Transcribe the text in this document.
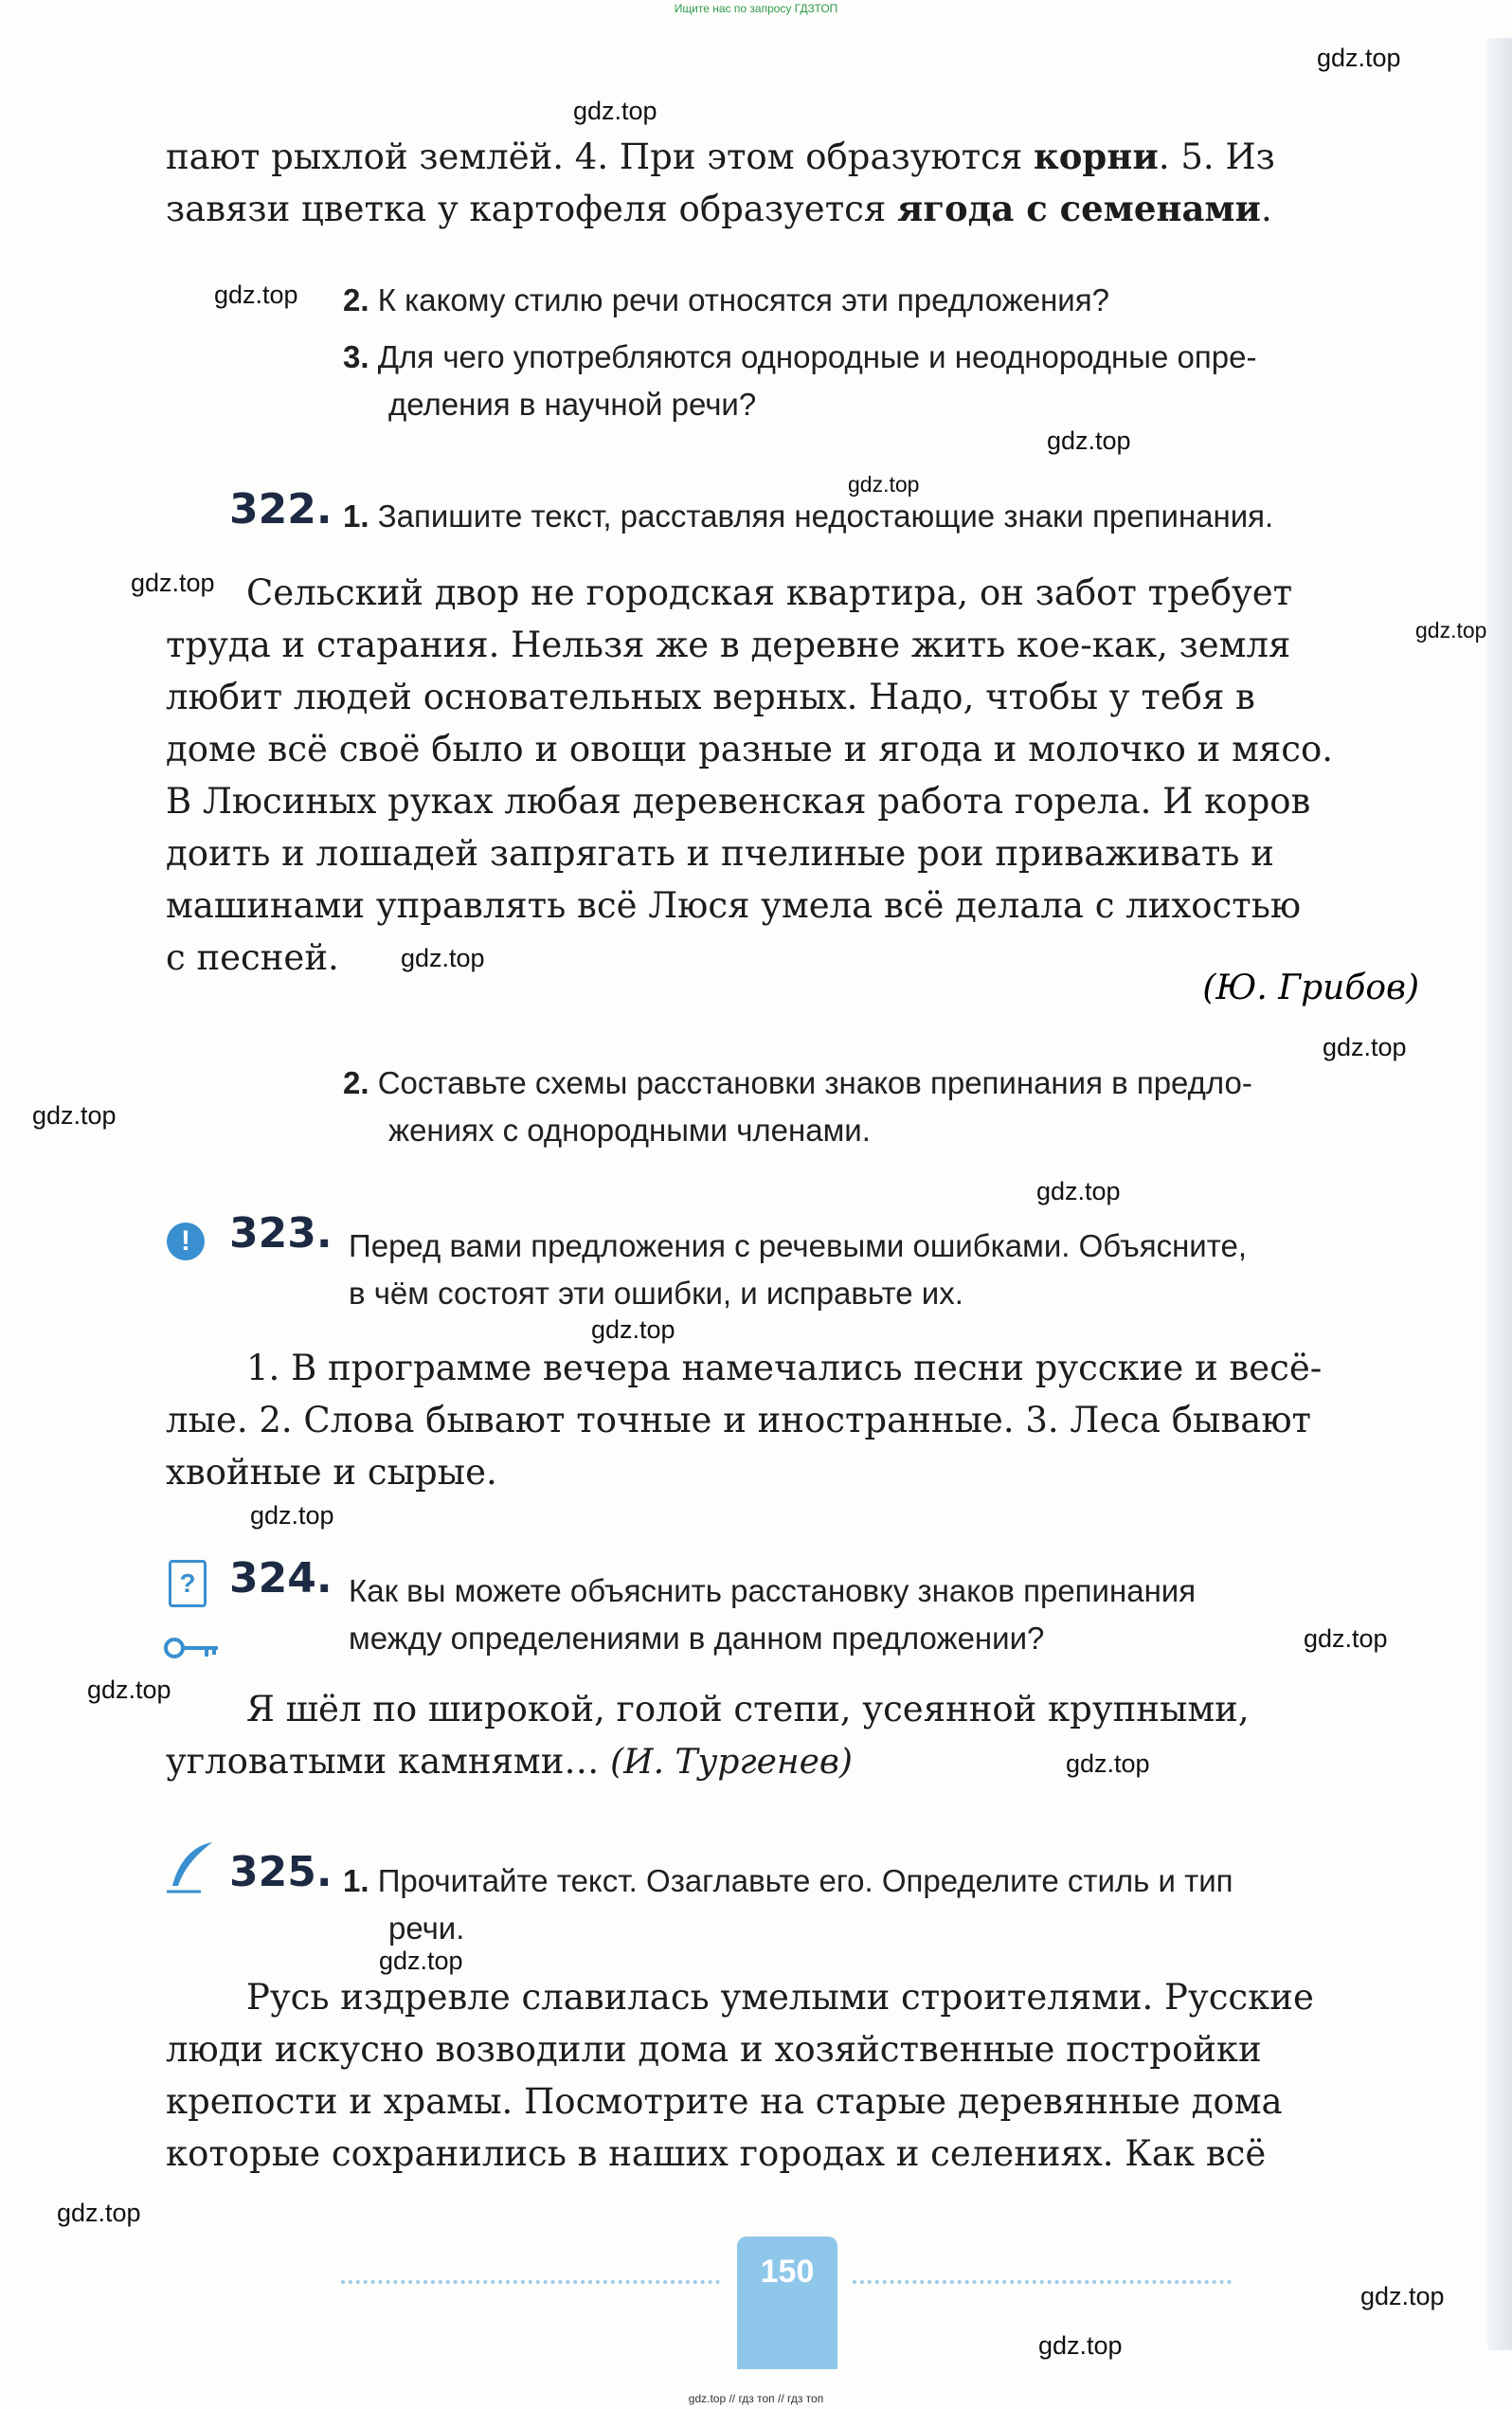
Ищите нас по запросу ГДЗТОП
пают рыхлой землёй. 4. При этом образуются корни. 5. Из
завязи цветка у картофеля образуется ягода с семенами.
2. К какому стилю речи относятся эти предложения?
3. Для чего употребляются однородные и неоднородные опре-
деления в научной речи?
322. 1. Запишите текст, расставляя недостающие знаки препинания.
Сельский двор не городская квартира, он забот требует
труда и старания. Нельзя же в деревне жить кое-как, земля
любит людей основательных верных. Надо, чтобы у тебя в
доме всё своё было и овощи разные и ягода и молочко и мясо.
В Люсиных руках любая деревенская работа горела. И коров
доить и лошадей запрягать и пчелиные рои приваживать и
машинами управлять всё Люся умела всё делала с лихостью
с песней.
(Ю. Грибов)
2. Составьте схемы расстановки знаков препинания в предло-
жениях с однородными членами.
! 323. Перед вами предложения с речевыми ошибками. Объясните,
в чём состоят эти ошибки, и исправьте их.
1. В программе вечера намечались песни русские и весё-
лые. 2. Слова бывают точные и иностранные. 3. Леса бывают
хвойные и сырые.
? 324. Как вы можете объяснить расстановку знаков препинания
между определениями в данном предложении?
Я шёл по широкой, голой степи, усеянной крупными,
угловатыми камнями… (И. Тургенев)
325. 1. Прочитайте текст. Озаглавьте его. Определите стиль и тип
речи.
Русь издревле славилась умелыми строителями. Русские
люди искусно возводили дома и хозяйственные постройки
крепости и храмы. Посмотрите на старые деревянные дома
которые сохранились в наших городах и селениях. Как всё
150
gdz.top
gdz.top
gdz.top
gdz.top
gdz.top
gdz.top
gdz.top
gdz.top
gdz.top
gdz.top
gdz.top
gdz.top
gdz.top
gdz.top
gdz.top
gdz.top
gdz.top
gdz.top
gdz.top
gdz.top
gdz.top // гдз топ // гдз топ
